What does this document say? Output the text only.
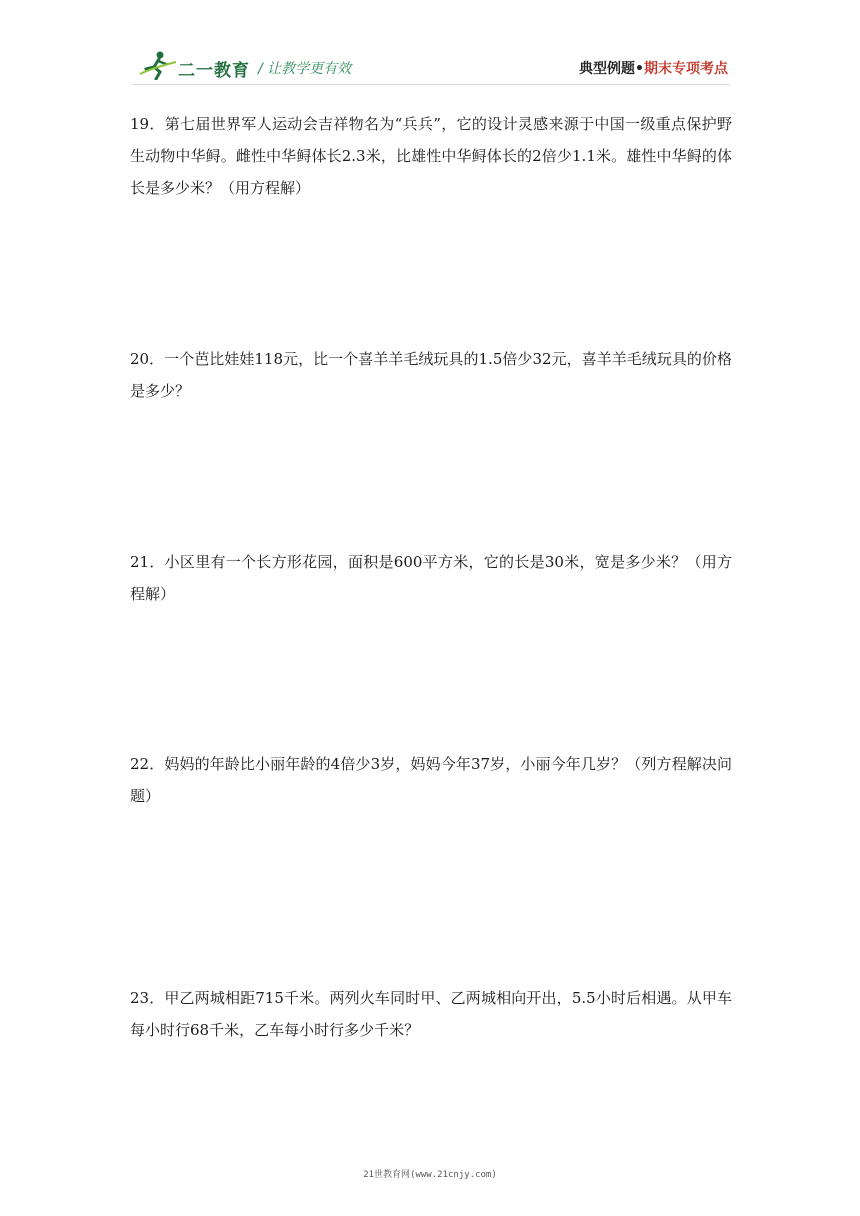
二一教育 / 让教学更有效	典型例题•期末专项考点
19．第七届世界军人运动会吉祥物名为“兵兵”，它的设计灵感来源于中国一级重点保护野生动物中华鲟。雌性中华鲟体长2.3米，比雄性中华鲟体长的2倍少1.1米。雄性中华鲟的体长是多少米？（用方程解）
20．一个芭比娃娃118元，比一个喜羊羊毛绒玩具的1.5倍少32元，喜羊羊毛绒玩具的价格是多少？
21．小区里有一个长方形花园，面积是600平方米，它的长是30米，宽是多少米？（用方程解）
22．妈妈的年龄比小丽年龄的4倍少3岁，妈妈今年37岁，小丽今年几岁？（列方程解决问题）
23．甲乙两城相距715千米。两列火车同时甲、乙两城相向开出，5.5小时后相遇。从甲车每小时行68千米，乙车每小时行多少千米？
21世教育网(www.21cnjy.com)
